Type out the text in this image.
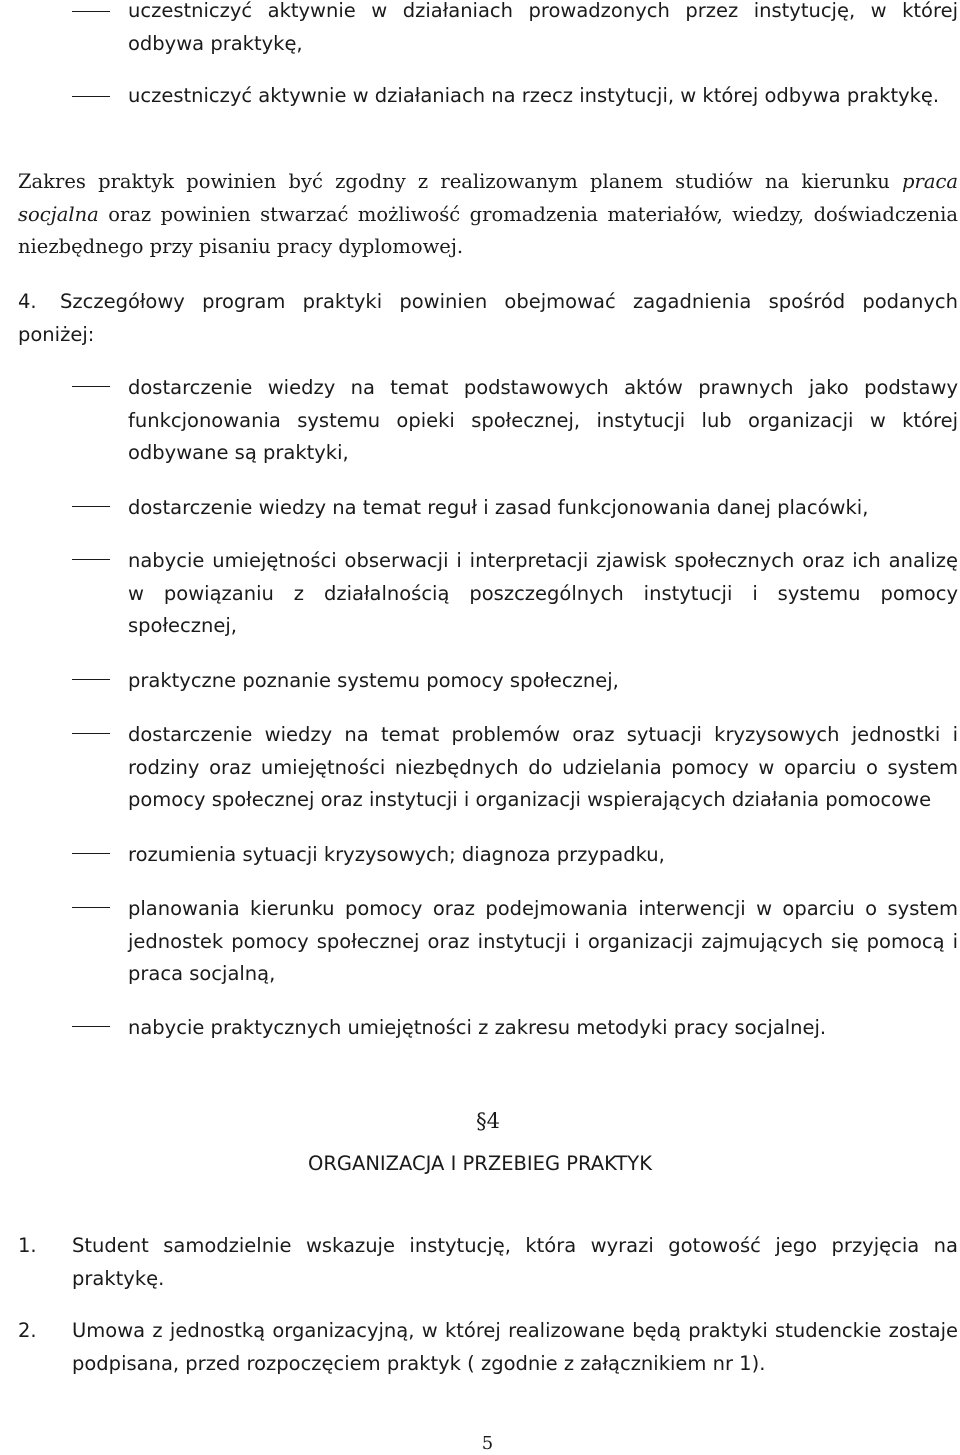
uczestniczyć aktywnie w działaniach prowadzonych przez instytucję, w której odbywa praktykę,
uczestniczyć aktywnie w działaniach na rzecz instytucji, w której odbywa praktykę.
Zakres praktyk powinien być zgodny z realizowanym planem studiów na kierunku praca socjalna oraz powinien stwarzać możliwość gromadzenia materiałów, wiedzy, doświadczenia niezbędnego przy pisaniu pracy dyplomowej.
4.	Szczegółowy program praktyki powinien obejmować zagadnienia spośród podanych poniżej:
dostarczenie wiedzy na temat podstawowych aktów prawnych jako podstawy funkcjonowania systemu opieki społecznej, instytucji lub organizacji w której odbywane są praktyki,
dostarczenie wiedzy na temat reguł i zasad funkcjonowania danej placówki,
nabycie umiejętności obserwacji i interpretacji zjawisk społecznych oraz ich analizę w powiązaniu z działalnością poszczególnych instytucji i systemu pomocy społecznej,
praktyczne poznanie systemu pomocy społecznej,
dostarczenie wiedzy na temat problemów oraz sytuacji kryzysowych jednostki i rodziny oraz umiejętności niezbędnych do udzielania pomocy w oparciu o system pomocy społecznej oraz instytucji i organizacji wspierających działania pomocowe
rozumienia sytuacji kryzysowych; diagnoza przypadku,
planowania kierunku pomocy oraz podejmowania interwencji w oparciu o system jednostek pomocy społecznej oraz instytucji i organizacji zajmujących się pomocą i praca socjalną,
nabycie praktycznych umiejętności z zakresu metodyki pracy socjalnej.
§4
ORGANIZACJA I PRZEBIEG PRAKTYK
1. Student samodzielnie wskazuje instytucję, która wyrazi gotowość jego przyjęcia na praktykę.
2. Umowa z jednostką organizacyjną, w której realizowane będą praktyki studenckie zostaje podpisana, przed rozpoczęciem praktyk ( zgodnie z załącznikiem nr 1).
5
